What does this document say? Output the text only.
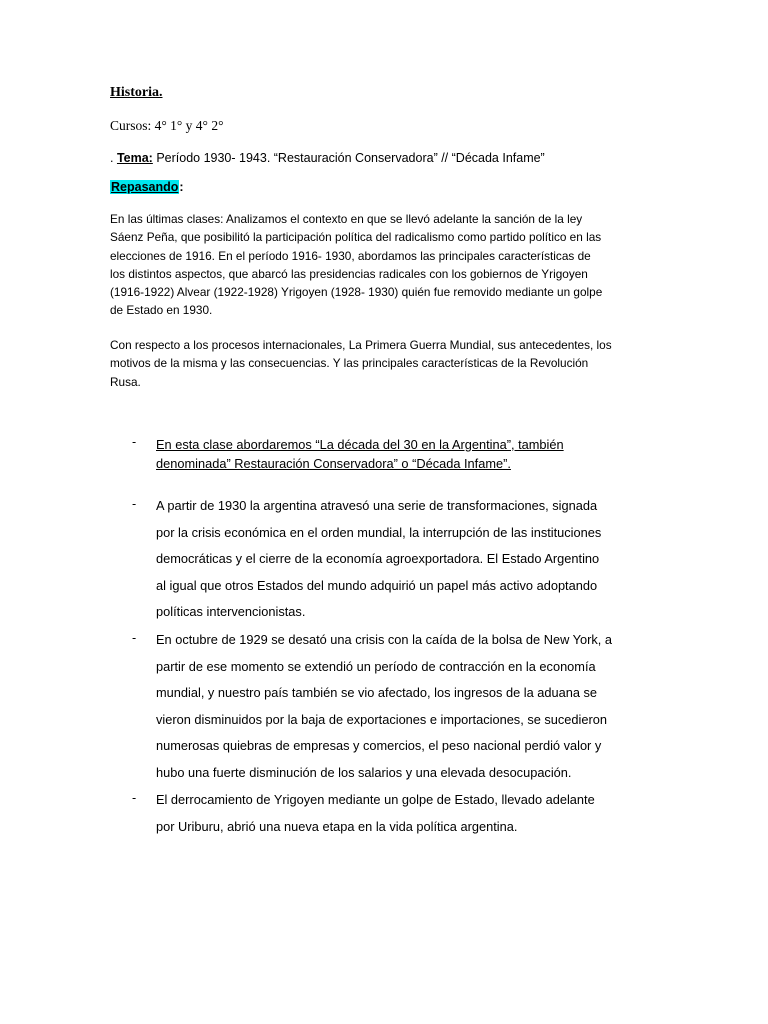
Historia.
Cursos: 4° 1° y 4° 2°
. Tema: Período 1930- 1943. “Restauración Conservadora” // “Década Infame”
Repasando:
En las últimas clases: Analizamos el contexto en que se llevó adelante la sanción de la ley
Sáenz Peña, que posibilitó la participación política del radicalismo como partido político en las
elecciones de 1916. En el período 1916- 1930, abordamos las principales características de
los distintos aspectos, que abarcó las presidencias radicales con los gobiernos de Yrigoyen
(1916-1922) Alvear (1922-1928) Yrigoyen (1928- 1930) quién fue removido mediante un golpe
de Estado en 1930.
Con respecto a los procesos internacionales, La Primera Guerra Mundial, sus antecedentes, los
motivos de la misma y las consecuencias. Y las principales características de la Revolución
Rusa.
- En esta clase abordaremos “La década del 30 en la Argentina”, también
denominada” Restauración Conservadora” o “Década Infame”.
- A partir de 1930 la argentina atravesó una serie de transformaciones, signada
por la crisis económica en el orden mundial, la interrupción de las instituciones
democráticas y el cierre de la economía agroexportadora. El Estado Argentino
al igual que otros Estados del mundo adquirió un papel más activo adoptando
políticas intervencionistas.
- En octubre de 1929 se desató una crisis con la caída de la bolsa de New York, a
partir de ese momento se extendió un período de contracción en la economía
mundial, y nuestro país también se vio afectado, los ingresos de la aduana se
vieron disminuidos por la baja de exportaciones e importaciones, se sucedieron
numerosas quiebras de empresas y comercios, el peso nacional perdió valor y
hubo una fuerte disminución de los salarios y una elevada desocupación.
- El derrocamiento de Yrigoyen mediante un golpe de Estado, llevado adelante
por Uriburu, abrió una nueva etapa en la vida política argentina.
